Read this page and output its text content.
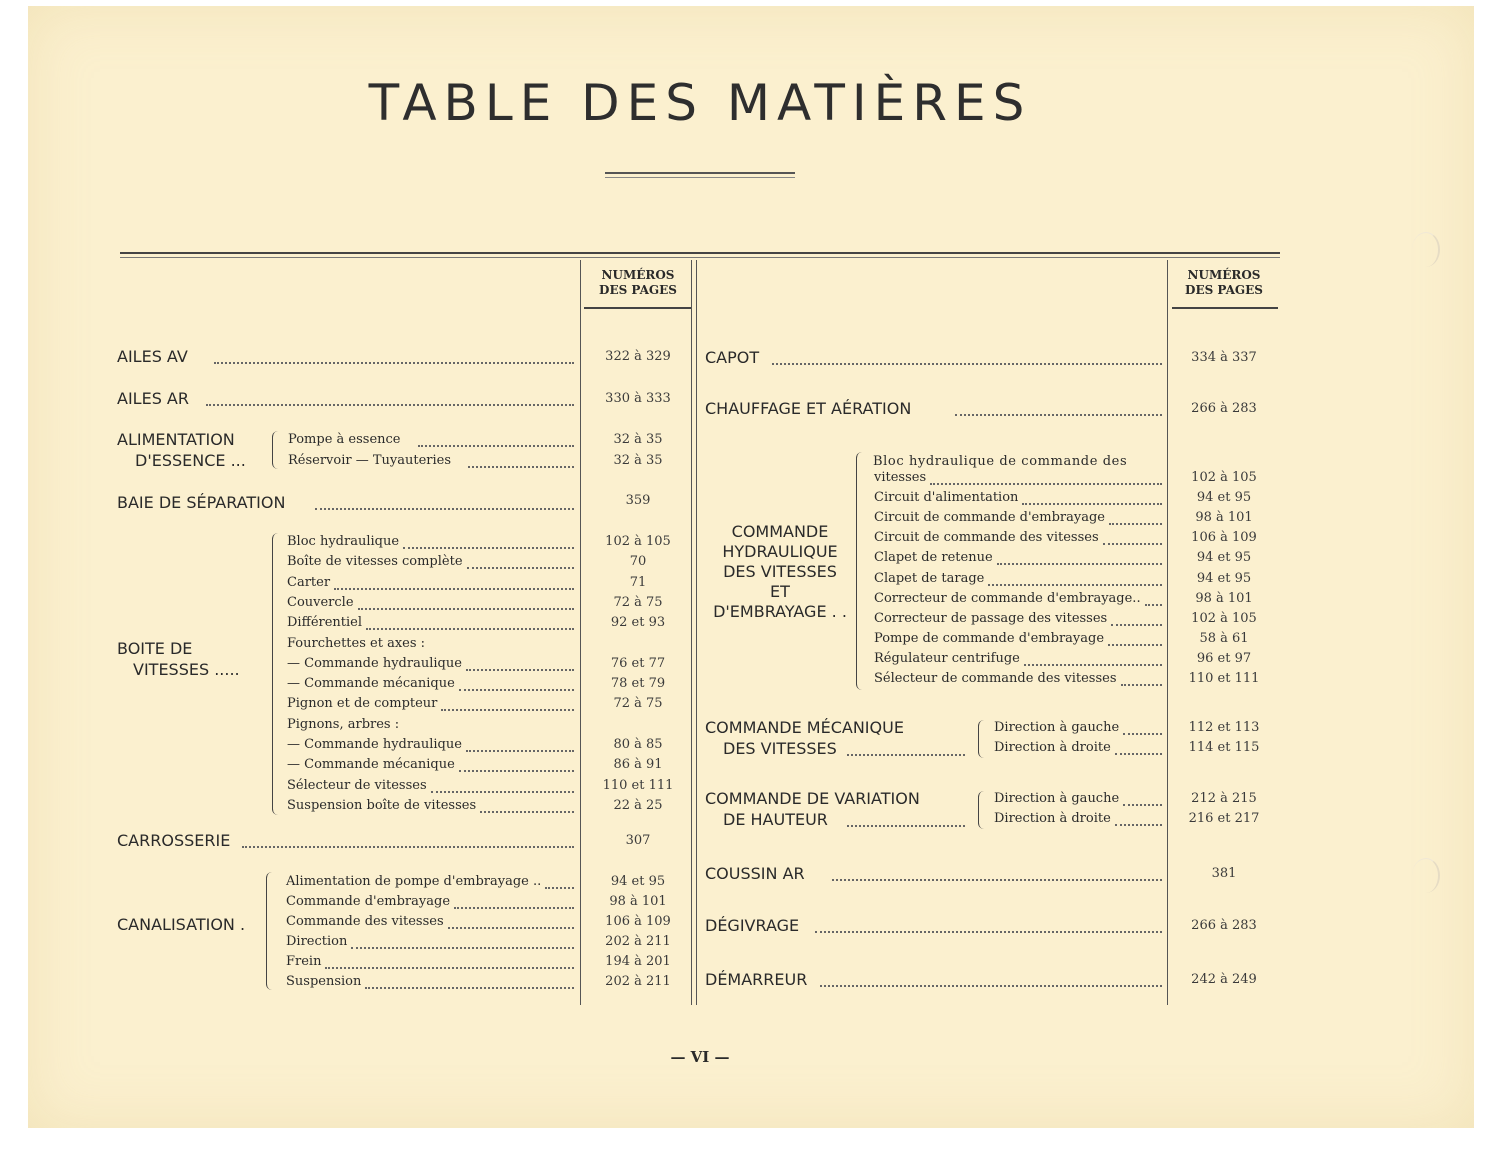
TABLE DES MATIÈRES
NUMÉROS
DES PAGES
NUMÉROS
DES PAGES
AILES AV	322 à 329
AILES AR	330 à 333
ALIMENTATION
D'ESSENCE ...
Pompe à essence	32 à 35
Réservoir — Tuyauteries	32 à 35
BAIE DE SÉPARATION	359
BOITE DE
VITESSES .....
Bloc hydraulique	102 à 105
Boîte de vitesses complète	70
Carter	71
Couvercle	72 à 75
Différentiel	92 et 93
Fourchettes et axes :
— Commande hydraulique	76 et 77
— Commande mécanique	78 et 79
Pignon et de compteur	72 à 75
Pignons, arbres :
— Commande hydraulique	80 à 85
— Commande mécanique	86 à 91
Sélecteur de vitesses	110 et 111
Suspension boîte de vitesses	22 à 25
CARROSSERIE	307
CANALISATION .
Alimentation de pompe d'embrayage ..	94 et 95
Commande d'embrayage	98 à 101
Commande des vitesses	106 à 109
Direction	202 à 211
Frein	194 à 201
Suspension	202 à 211
CAPOT	334 à 337
CHAUFFAGE ET AÉRATION	266 à 283
COMMANDE
HYDRAULIQUE
DES VITESSES
ET
D'EMBRAYAGE . .
Bloc hydraulique de commande des
vitesses	102 à 105
Circuit d'alimentation	94 et 95
Circuit de commande d'embrayage	98 à 101
Circuit de commande des vitesses	106 à 109
Clapet de retenue	94 et 95
Clapet de tarage	94 et 95
Correcteur de commande d'embrayage..	98 à 101
Correcteur de passage des vitesses	102 à 105
Pompe de commande d'embrayage	58 à 61
Régulateur centrifuge	96 et 97
Sélecteur de commande des vitesses	110 et 111
COMMANDE MÉCANIQUE
DES VITESSES
Direction à gauche	112 et 113
Direction à droite	114 et 115
COMMANDE DE VARIATION
DE HAUTEUR
Direction à gauche	212 à 215
Direction à droite	216 et 217
COUSSIN AR	381
DÉGIVRAGE	266 à 283
DÉMARREUR	242 à 249
— VI —
